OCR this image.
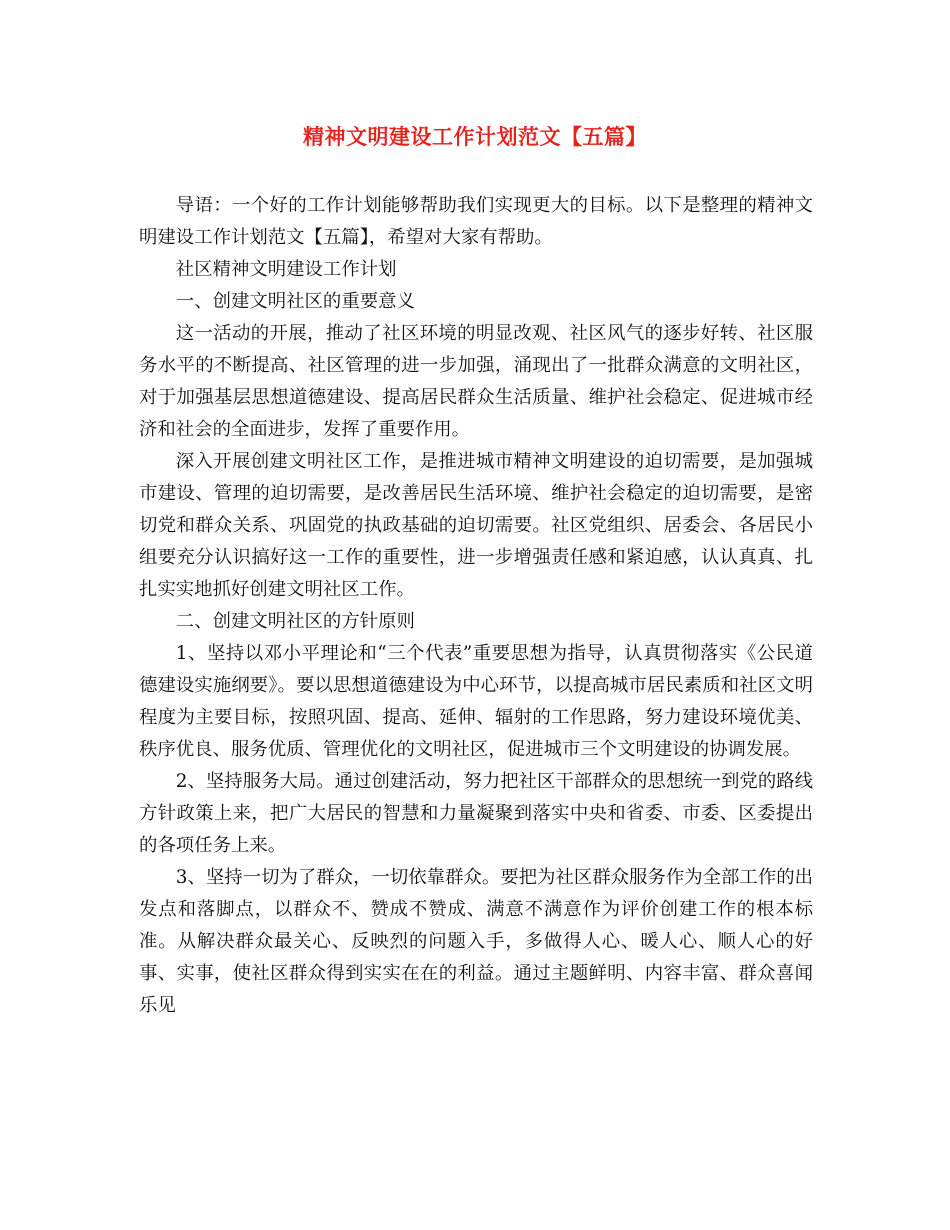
精神文明建设工作计划范文【五篇】

导语：一个好的工作计划能够帮助我们实现更大的目标。以下是整理的精神文明建设工作计划范文【五篇】，希望对大家有帮助。

社区精神文明建设工作计划

一、创建文明社区的重要意义

这一活动的开展，推动了社区环境的明显改观、社区风气的逐步好转、社区服务水平的不断提高、社区管理的进一步加强，涌现出了一批群众满意的文明社区，对于加强基层思想道德建设、提高居民群众生活质量、维护社会稳定、促进城市经济和社会的全面进步，发挥了重要作用。

深入开展创建文明社区工作，是推进城市精神文明建设的迫切需要，是加强城市建设、管理的迫切需要，是改善居民生活环境、维护社会稳定的迫切需要，是密切党和群众关系、巩固党的执政基础的迫切需要。社区党组织、居委会、各居民小组要充分认识搞好这一工作的重要性，进一步增强责任感和紧迫感，认认真真、扎扎实实地抓好创建文明社区工作。

二、创建文明社区的方针原则

1、坚持以邓小平理论和“三个代表”重要思想为指导，认真贯彻落实《公民道德建设实施纲要》。要以思想道德建设为中心环节，以提高城市居民素质和社区文明程度为主要目标，按照巩固、提高、延伸、辐射的工作思路，努力建设环境优美、秩序优良、服务优质、管理优化的文明社区，促进城市三个文明建设的协调发展。

2、坚持服务大局。通过创建活动，努力把社区干部群众的思想统一到党的路线方针政策上来，把广大居民的智慧和力量凝聚到落实中央和省委、市委、区委提出的各项任务上来。

3、坚持一切为了群众，一切依靠群众。要把为社区群众服务作为全部工作的出发点和落脚点，以群众不、赞成不赞成、满意不满意作为评价创建工作的根本标准。从解决群众最关心、反映烈的问题入手，多做得人心、暖人心、顺人心的好事、实事，使社区群众得到实实在在的利益。通过主题鲜明、内容丰富、群众喜闻乐见
